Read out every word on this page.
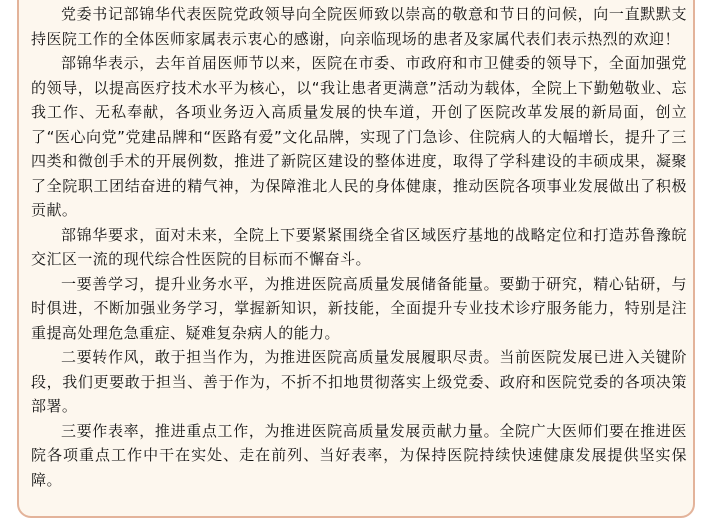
党委书记部锦华代表医院党政领导向全院医师致以崇高的敬意和节日的问候，向一直默默支持医院工作的全体医师家属表示衷心的感谢，向亲临现场的患者及家属代表们表示热烈的欢迎！

部锦华表示，去年首届医师节以来，医院在市委、市政府和市卫健委的领导下，全面加强党的领导，以提高医疗技术水平为核心，以“我让患者更满意”活动为载体，全院上下勤勉敬业、忘我工作、无私奉献，各项业务迈入高质量发展的快车道，开创了医院改革发展的新局面，创立了“医心向党”党建品牌和“医路有爱”文化品牌，实现了门急诊、住院病人的大幅增长，提升了三四类和微创手术的开展例数，推进了新院区建设的整体进度，取得了学科建设的丰硕成果，凝聚了全院职工团结奋进的精气神，为保障淮北人民的身体健康，推动医院各项事业发展做出了积极贡献。

部锦华要求，面对未来，全院上下要紧紧围绕全省区域医疗基地的战略定位和打造苏鲁豫皖交汇区一流的现代综合性医院的目标而不懈奋斗。

一要善学习，提升业务水平，为推进医院高质量发展储备能量。要勤于研究，精心钻研，与时俱进，不断加强业务学习，掌握新知识，新技能，全面提升专业技术诊疗服务能力，特别是注重提高处理危急重症、疑难复杂病人的能力。

二要转作风，敢于担当作为，为推进医院高质量发展履职尽责。当前医院发展已进入关键阶段，我们更要敢于担当、善于作为，不折不扣地贯彻落实上级党委、政府和医院党委的各项决策部署。

三要作表率，推进重点工作，为推进医院高质量发展贡献力量。全院广大医师们要在推进医院各项重点工作中干在实处、走在前列、当好表率，为保持医院持续快速健康发展提供坚实保障。
